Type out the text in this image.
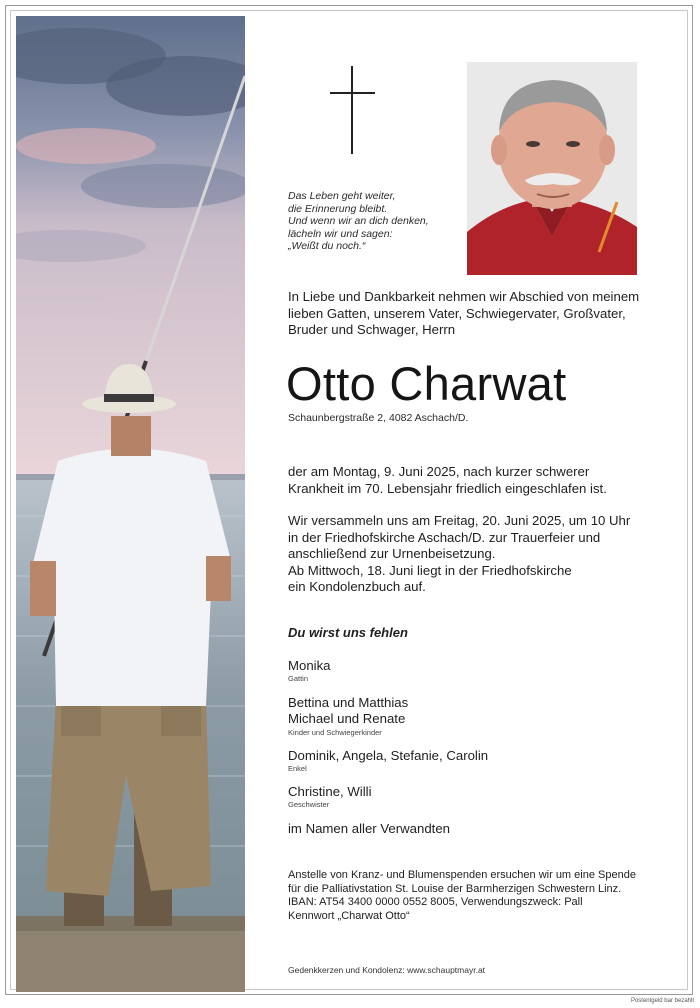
Das Leben geht weiter,
die Erinnerung bleibt.
Und wenn wir an dich denken,
lächeln wir und sagen:
„Weißt du noch.“
In Liebe und Dankbarkeit nehmen wir Abschied von meinem
lieben Gatten, unserem Vater, Schwiegervater, Großvater,
Bruder und Schwager, Herrn
Otto Charwat
Schaunbergstraße 2, 4082 Aschach/D.
der am Montag, 9. Juni 2025, nach kurzer schwerer
Krankheit im 70. Lebensjahr friedlich eingeschlafen ist.
Wir versammeln uns am Freitag, 20. Juni 2025, um 10 Uhr
in der Friedhofskirche Aschach/D. zur Trauerfeier und
anschließend zur Urnenbeisetzung.
Ab Mittwoch, 18. Juni liegt in der Friedhofskirche
ein Kondolenzbuch auf.
Du wirst uns fehlen
Monika
Gattin
Bettina und Matthias
Michael und Renate
Kinder und Schwiegerkinder
Dominik, Angela, Stefanie, Carolin
Enkel
Christine, Willi
Geschwister
im Namen aller Verwandten
Anstelle von Kranz- und Blumenspenden ersuchen wir um eine Spende
für die Palliativstation St. Louise der Barmherzigen Schwestern Linz.
IBAN: AT54 3400 0000 0552 8005, Verwendungszweck: Pall
Kennwort „Charwat Otto“
Gedenkkerzen und Kondolenz: www.schauptmayr.at
Postentgeld bar bezahlt
